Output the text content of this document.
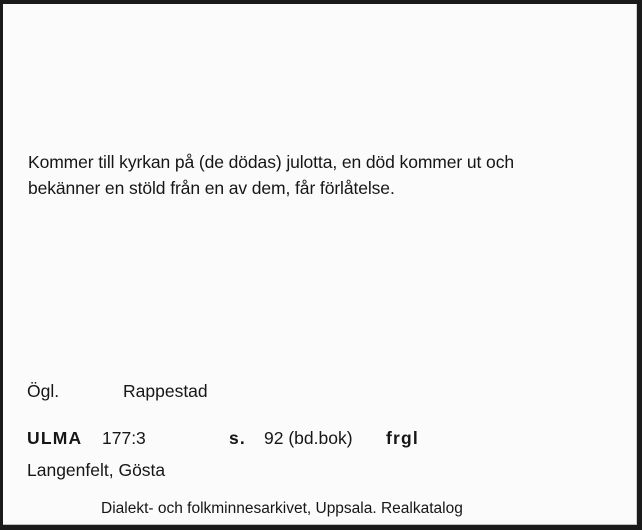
Kommer till kyrkan på (de dödas) julotta, en död kommer ut och
bekänner en stöld från en av dem, får förlåtelse.
Ögl.	Rappestad
ULMA 177:3	s. 92 (bd.bok) frgl
Langenfelt, Gösta
Dialekt- och folkminnesarkivet, Uppsala. Realkatalog
